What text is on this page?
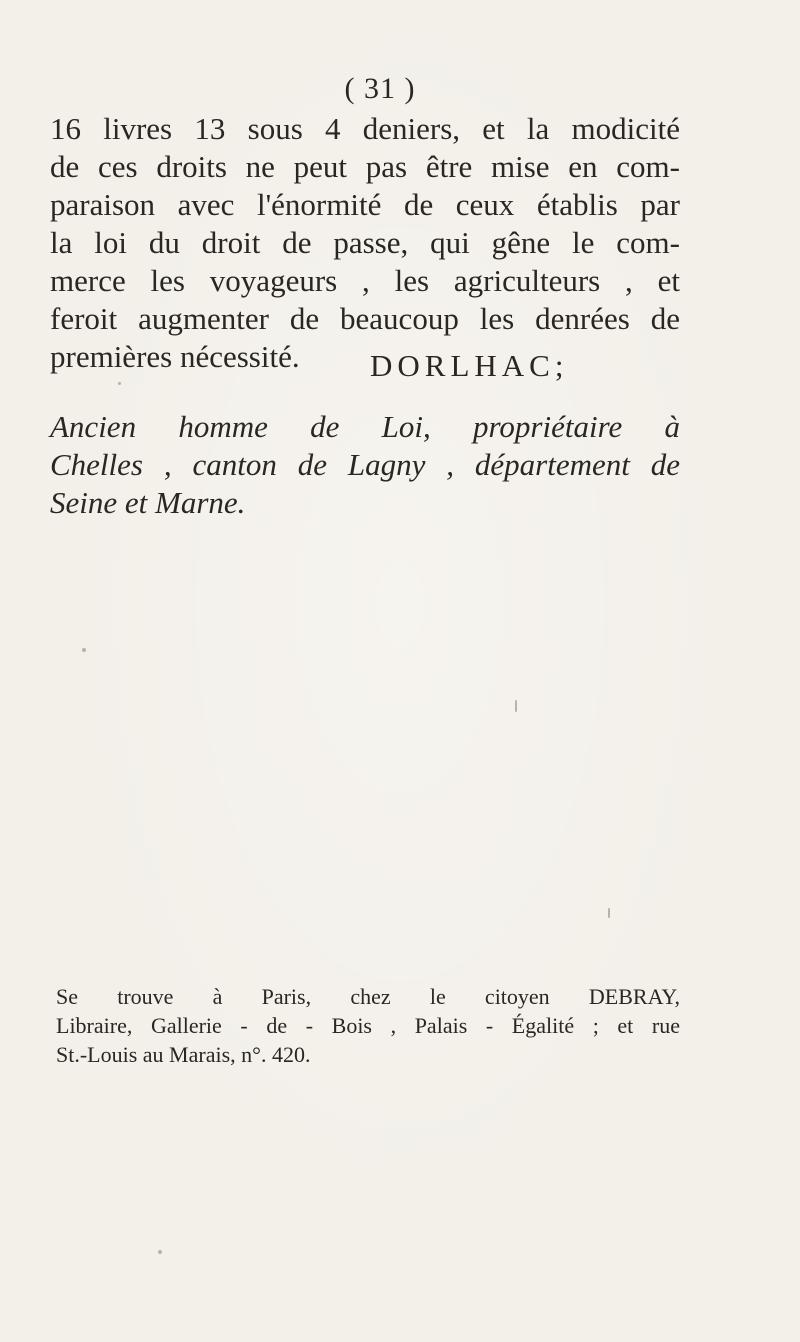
( 31 )
16 livres 13 sous 4 deniers, et la modicité
de ces droits ne peut pas être mise en com-
paraison avec l'énormité de ceux établis par
la loi du droit de passe, qui gêne le com-
merce les voyageurs , les agriculteurs , et
feroit augmenter de beaucoup les denrées de
premières nécessité.	DORLHAC;
Ancien homme de Loi, propriétaire à
Chelles , canton de Lagny , département de
Seine et Marne.
Se trouve à Paris, chez le citoyen DEBRAY,
Libraire, Gallerie - de - Bois , Palais - Égalité ; et rue
St.-Louis au Marais, n°. 420.
